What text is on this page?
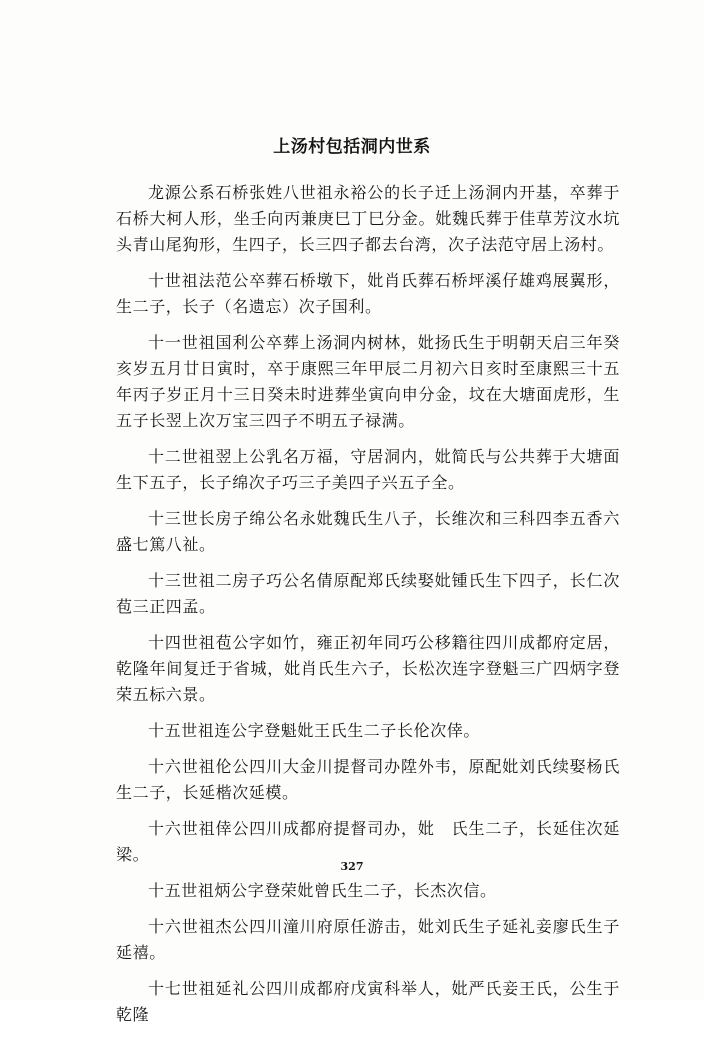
上汤村包括洞内世系

龙源公系石桥张姓八世祖永裕公的长子迁上汤洞内开基，卒葬于石桥大柯人形，坐壬向丙兼庚巳丁巳分金。妣魏氏葬于佳草芳汶水坑头青山尾狗形，生四子，长三四子都去台湾，次子法范守居上汤村。

十世祖法范公卒葬石桥墩下，妣肖氏葬石桥坪溪仔雄鸡展翼形，生二子，长子（名遗忘）次子国利。

十一世祖国利公卒葬上汤洞内树林，妣扬氏生于明朝天启三年癸亥岁五月廿日寅时，卒于康熙三年甲辰二月初六日亥时至康熙三十五年丙子岁正月十三日癸未时进葬坐寅向申分金，坟在大塘面虎形，生五子长翌上次万宝三四子不明五子禄满。

十二世祖翌上公乳名万福，守居洞内，妣简氏与公共葬于大塘面生下五子，长子绵次子巧三子美四子兴五子全。

十三世长房子绵公名永妣魏氏生八子，长维次和三科四李五香六盛七篤八祉。

十三世祖二房子巧公名倩原配郑氏续娶妣锺氏生下四子，长仁次苞三正四孟。

十四世祖苞公字如竹，雍正初年同巧公移籍往四川成都府定居，乾隆年间复迁于省城，妣肖氏生六子，长松次连字登魁三广四炳字登荣五标六景。

十五世祖连公字登魁妣王氏生二子长伦次倖。

十六世祖伦公四川大金川提督司办陞外韦，原配妣刘氏续娶杨氏生二子，长延楷次延模。

十六世祖倖公四川成都府提督司办，妣　氏生二子，长延住次延梁。

十五世祖炳公字登荣妣曾氏生二子，长杰次信。

十六世祖杰公四川潼川府原任游击，妣刘氏生子延礼妾廖氏生子延禧。

十七世祖延礼公四川成都府戊寅科举人，妣严氏妾王氏，公生于乾隆

327
